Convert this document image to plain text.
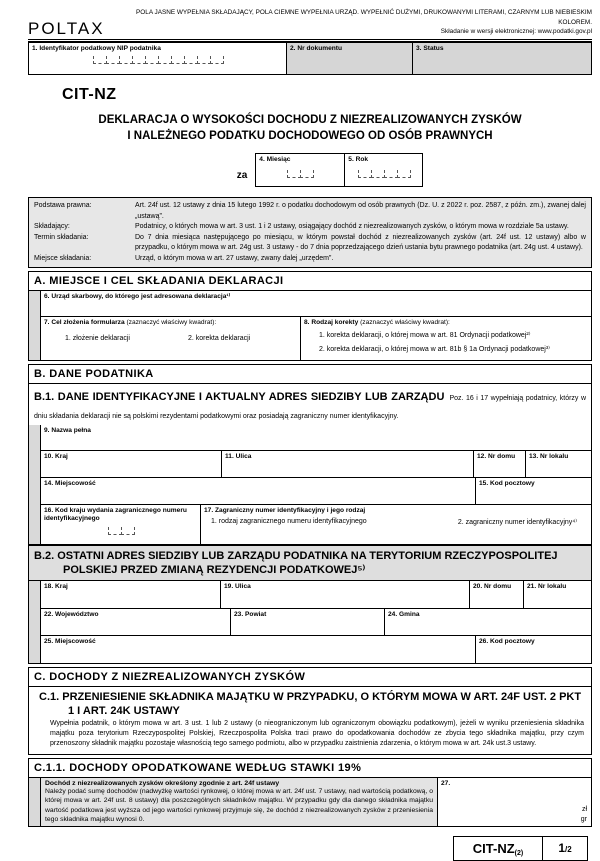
POLTAX
POLA JASNE WYPEŁNIA SKŁADAJĄCY, POLA CIEMNE WYPEŁNIA URZĄD. WYPEŁNIĆ DUŻYMI, DRUKOWANYMI LITERAMI, CZARNYM LUB NIEBIESKIM KOLOREM.
Składanie w wersji elektronicznej: www.podatki.gov.pl
1. Identyfikator podatkowy NIP podatnika	2. Nr dokumentu	3. Status
CIT-NZ
DEKLARACJA O WYSOKOŚCI DOCHODU Z NIEZREALIZOWANYCH ZYSKÓW
I NALEŻNEGO PODATKU DOCHODOWEGO OD OSÓB PRAWNYCH
za
4. Miesiąc	5. Rok
Podstawa prawna:	Art. 24f ust. 12 ustawy z dnia 15 lutego 1992 r. o podatku dochodowym od osób prawnych (Dz. U. z 2022 r. poz. 2587, z późn. zm.), zwanej dalej „ustawą”.
Składający:	Podatnicy, o których mowa w art. 3 ust. 1 i 2 ustawy, osiągający dochód z niezrealizowanych zysków, o którym mowa w rozdziale 5a ustawy.
Termin składania:	Do 7 dnia miesiąca następującego po miesiącu, w którym powstał dochód z niezrealizowanych zysków (art. 24f ust. 12 ustawy) albo w przypadku, o którym mowa w art. 24g ust. 3 ustawy - do 7 dnia poprzedzającego dzień ustania bytu prawnego podatnika (art. 24g ust. 4 ustawy).
Miejsce składania:	Urząd, o którym mowa w art. 27 ustawy, zwany dalej „urzędem”.
A. MIEJSCE I CEL SKŁADANIA DEKLARACJI
6. Urząd skarbowy, do którego jest adresowana deklaracja¹⁾
7. Cel złożenia formularza (zaznaczyć właściwy kwadrat):
1. złożenie deklaracji	2. korekta deklaracji
8. Rodzaj korekty (zaznaczyć właściwy kwadrat):
1. korekta deklaracji, o której mowa w art. 81 Ordynacji podatkowej²⁾
2. korekta deklaracji, o której mowa w art. 81b § 1a Ordynacji podatkowej³⁾
B. DANE PODATNIKA
B.1. DANE IDENTYFIKACYJNE I AKTUALNY ADRES SIEDZIBY LUB ZARZĄDU Poz. 16 i 17 wypełniają podatnicy, którzy w dniu składania deklaracji nie są polskimi rezydentami podatkowymi oraz posiadają zagraniczny numer identyfikacyjny.
9. Nazwa pełna
10. Kraj	11. Ulica	12. Nr domu	13. Nr lokalu
14. Miejscowość	15. Kod pocztowy
16. Kod kraju wydania zagranicznego numeru identyfikacyjnego
17. Zagraniczny numer identyfikacyjny i jego rodzaj
1. rodzaj zagranicznego numeru identyfikacyjnego	2. zagraniczny numer identyfikacyjny⁴⁾
B.2. OSTATNI ADRES SIEDZIBY LUB ZARZĄDU PODATNIKA NA TERYTORIUM RZECZYPOSPOLITEJ POLSKIEJ PRZED ZMIANĄ REZYDENCJI PODATKOWEJ⁵⁾
18. Kraj	19. Ulica	20. Nr domu	21. Nr lokalu
22. Województwo	23. Powiat	24. Gmina
25. Miejscowość	26. Kod pocztowy
C. DOCHODY Z NIEZREALIZOWANYCH ZYSKÓW
C.1. PRZENIESIENIE SKŁADNIKA MAJĄTKU W PRZYPADKU, O KTÓRYM MOWA W ART. 24F UST. 2 PKT 1 I ART. 24K USTAWY
Wypełnia podatnik, o którym mowa w art. 3 ust. 1 lub 2 ustawy (o nieograniczonym lub ograniczonym obowiązku podatkowym), jeżeli w wyniku przeniesienia składnika majątku poza terytorium Rzeczypospolitej Polskiej, Rzeczpospolita Polska traci prawo do opodatkowania dochodów ze zbycia tego składnika majątku, przy czym przenoszony składnik majątku pozostaje własnością tego samego podmiotu, albo w przypadku zaistnienia zdarzenia, o którym mowa w art. 24k ust.3 ustawy.
C.1.1. DOCHODY OPODATKOWANE WEDŁUG STAWKI 19%
Dochód z niezrealizowanych zysków określony zgodnie z art. 24f ustawy
Należy podać sumę dochodów (nadwyżkę wartości rynkowej, o której mowa w art. 24f ust. 7 ustawy, nad wartością podatkową, o której mowa w art. 24f ust. 8 ustawy) dla poszczególnych składników majątku. W przypadku gdy dla danego składnika majątku wartość podatkowa jest wyższa od jego wartości rynkowej przyjmuje się, że dochód z niezrealizowanych zysków z przeniesienia tego składnika majątku wynosi 0.
27.
zł
gr
CIT-NZ (2)	1 /2
